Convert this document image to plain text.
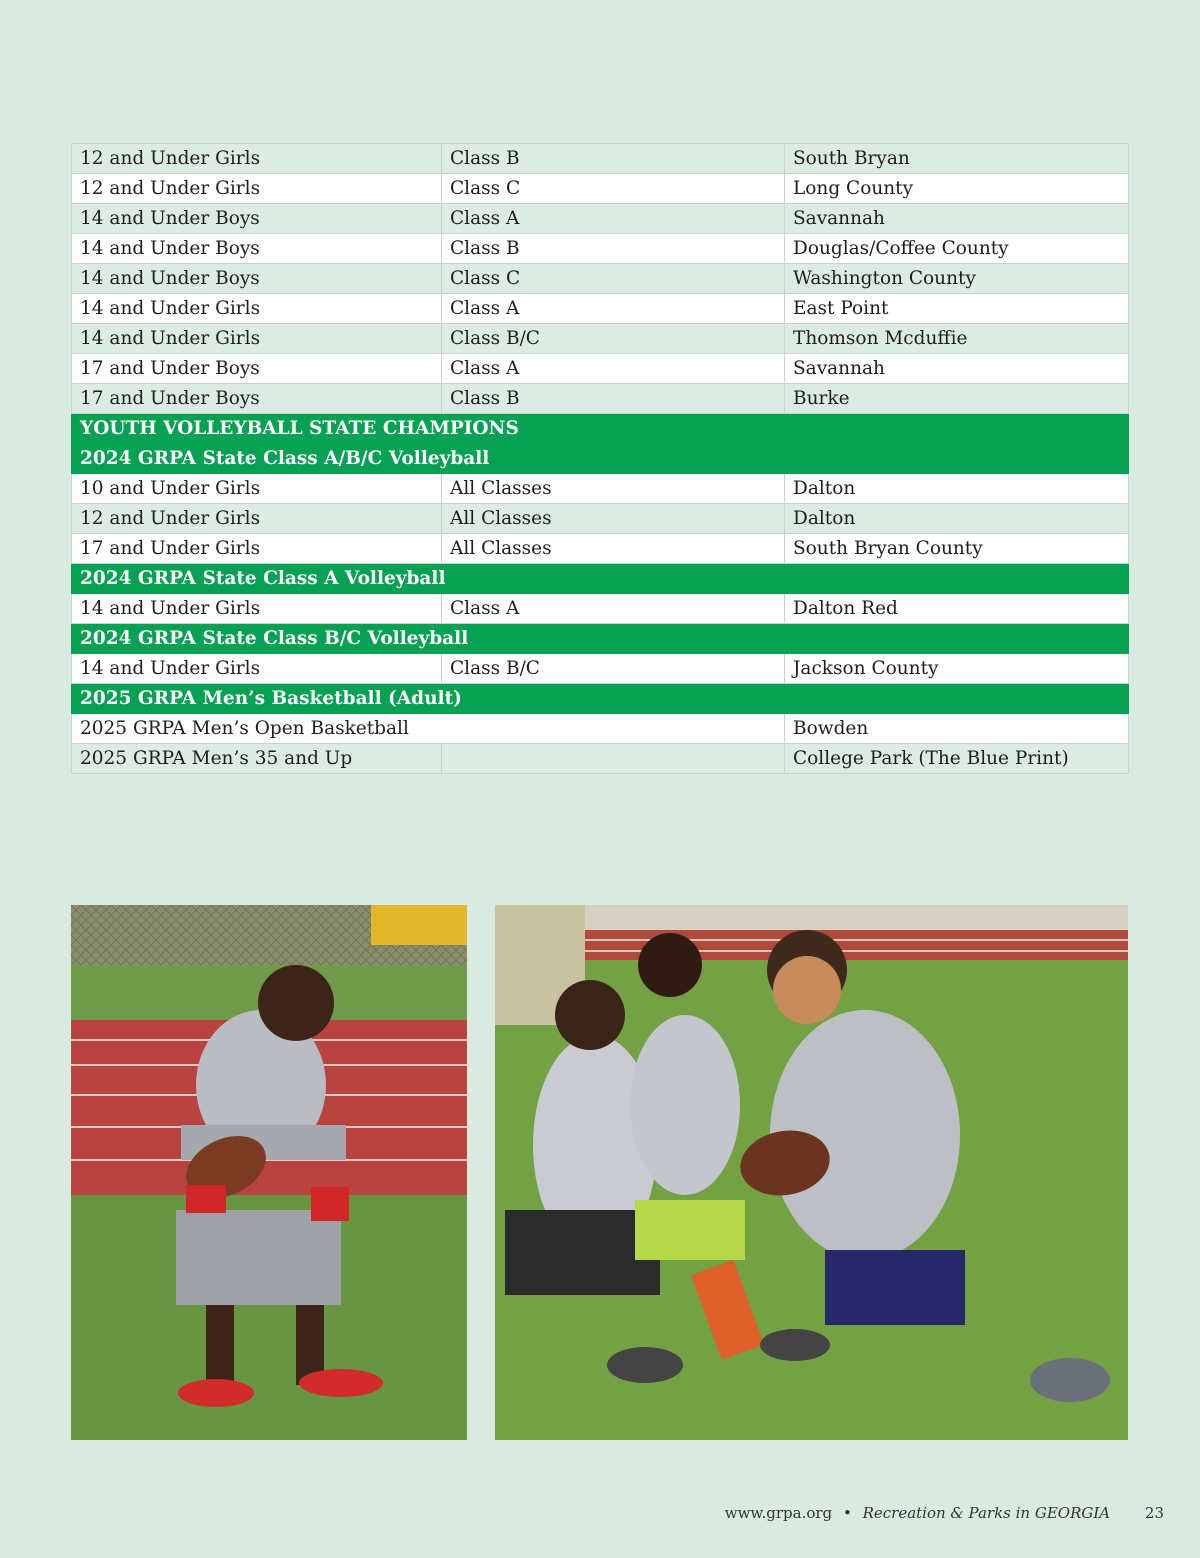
12 and Under Girls	Class B	South Bryan
12 and Under Girls	Class C	Long County
14 and Under Boys	Class A	Savannah
14 and Under Boys	Class B	Douglas/Coffee County
14 and Under Boys	Class C	Washington County
14 and Under Girls	Class A	East Point
14 and Under Girls	Class B/C	Thomson Mcduffie
17 and Under Boys	Class A	Savannah
17 and Under Boys	Class B	Burke
YOUTH VOLLEYBALL STATE CHAMPIONS		
2024 GRPA State Class A/B/C Volleyball		
10 and Under Girls	All Classes	Dalton
12 and Under Girls	All Classes	Dalton
17 and Under Girls	All Classes	South Bryan County
2024 GRPA State Class A Volleyball		
14 and Under Girls	Class A	Dalton Red
2024 GRPA State Class B/C Volleyball		
14 and Under Girls	Class B/C	Jackson County
2025 GRPA Men’s Basketball (Adult)		
2025 GRPA Men’s Open Basketball		Bowden
2025 GRPA Men’s 35 and Up		College Park (The Blue Print)
www.grpa.org • Recreation & Parks in GEORGIA 23
